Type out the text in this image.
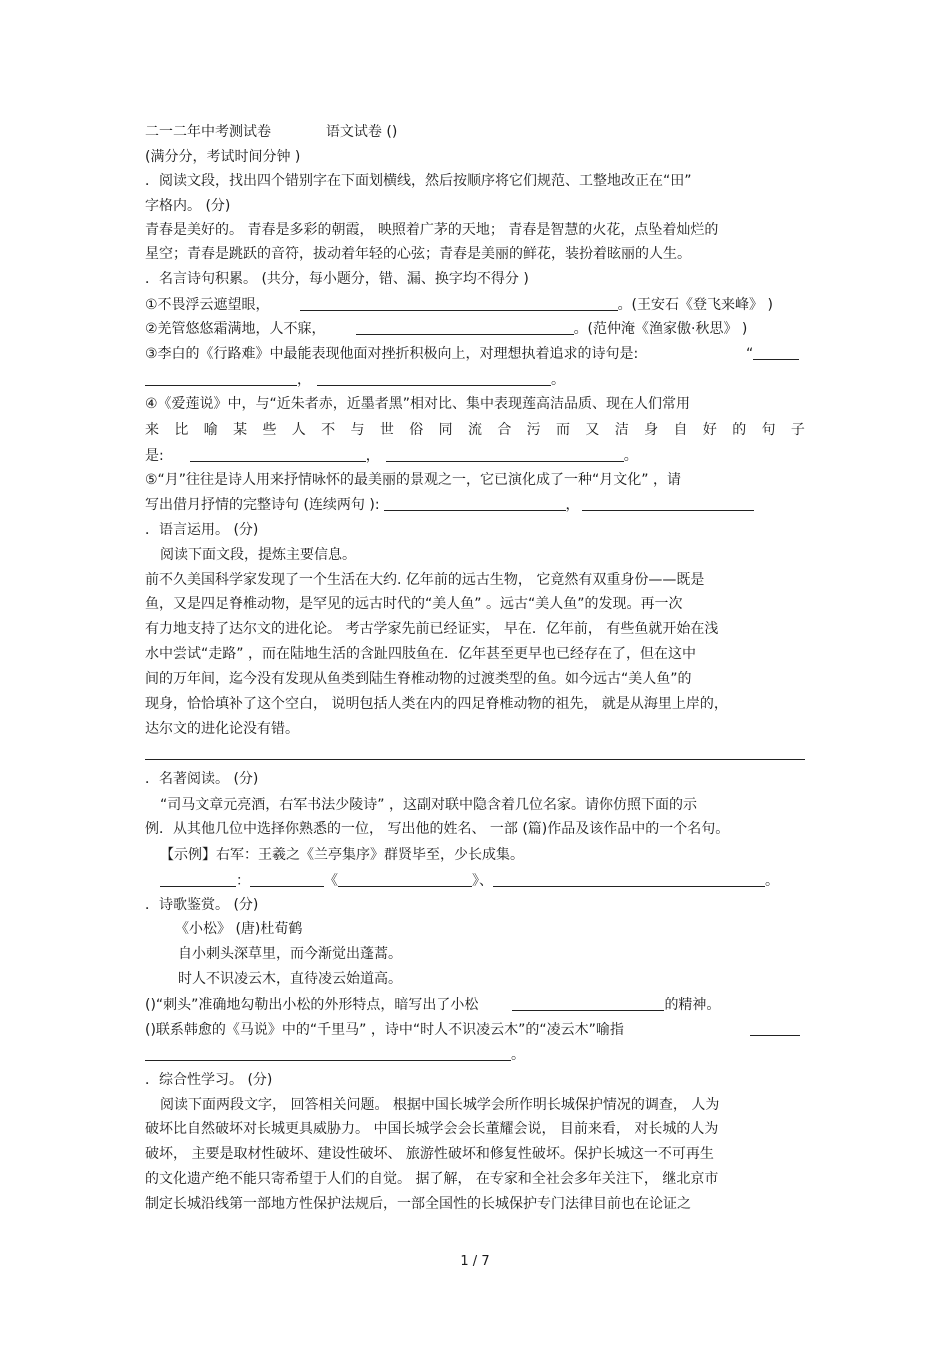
二一二年中考测试卷	语文试卷 ()
(满分分，考试时间分钟 )
．阅读文段，找出四个错别字在下面划横线，然后按顺序将它们规范、工整地改正在“田”
字格内。 (分)
青春是美好的。 青春是多彩的朝霞， 映照着广茅的天地； 青春是智慧的火花，点坠着灿烂的
星空；青春是跳跃的音符，拔动着年轻的心弦；青春是美丽的鲜花，装扮着眩丽的人生。
．名言诗句积累。 (共分，每小题分，错、漏、换字均不得分 )
①不畏浮云遮望眼，	。(王安石《登飞来峰》 )
②羌管悠悠霜满地，人不寐，	。(范仲淹《渔家傲·秋思》 )
③李白的《行路难》中最能表现他面对挫折积极向上，对理想执着追求的诗句是:	“
，	。
④《爱莲说》中，与“近朱者赤，近墨者黑”相对比、集中表现莲高洁品质、现在人们常用
来 比 喻 某 些 人 不 与 世 俗 同 流 合 污 而 又 洁 身 自 好 的 句 子
是:	，	。
⑤“月”往往是诗人用来抒情咏怀的最美丽的景观之一，它已演化成了一种“月文化” ，请
写出借月抒情的完整诗句 (连续两句 ):	，
．语言运用。 (分)
阅读下面文段，提炼主要信息。
前不久美国科学家发现了一个生活在大约. 亿年前的远古生物， 它竟然有双重身份——既是
鱼，又是四足脊椎动物，是罕见的远古时代的“美人鱼” 。远古“美人鱼”的发现。再一次
有力地支持了达尔文的进化论。 考古学家先前已经证实， 早在．亿年前， 有些鱼就开始在浅
水中尝试“走路” ，而在陆地生活的含趾四肢鱼在．亿年甚至更早也已经存在了，但在这中
间的万年间，迄今没有发现从鱼类到陆生脊椎动物的过渡类型的鱼。如今远古“美人鱼”的
现身，恰恰填补了这个空白， 说明包括人类在内的四足脊椎动物的祖先， 就是从海里上岸的，
达尔文的进化论没有错。
．名著阅读。 (分)
“司马文章元亮酒，右军书法少陵诗” ，这副对联中隐含着几位名家。请你仿照下面的示
例．从其他几位中选择你熟悉的一位， 写出他的姓名、 一部 (篇)作品及该作品中的一个名句。
【示例】右军：王羲之《兰亭集序》群贤毕至，少长成集。
：	《	》、	。
．诗歌鉴赏。 (分)
《小松》 (唐)杜荀鹤
自小刺头深草里，而今渐觉出蓬蒿。
时人不识凌云木，直待凌云始道高。
()“刺头”准确地勾勒出小松的外形特点，暗写出了小松	的精神。
()联系韩愈的《马说》中的“千里马” ，诗中“时人不识凌云木”的“凌云木”喻指
。
．综合性学习。 (分)
阅读下面两段文字， 回答相关问题。 根据中国长城学会所作明长城保护情况的调查， 人为
破坏比自然破坏对长城更具威胁力。 中国长城学会会长董耀会说， 目前来看， 对长城的人为
破坏， 主要是取材性破坏、建设性破坏、 旅游性破坏和修复性破坏。保护长城这一不可再生
的文化遗产绝不能只寄希望于人们的自觉。 据了解， 在专家和全社会多年关注下， 继北京市
制定长城沿线第一部地方性保护法规后，一部全国性的长城保护专门法律目前也在论证之
1 / 7
